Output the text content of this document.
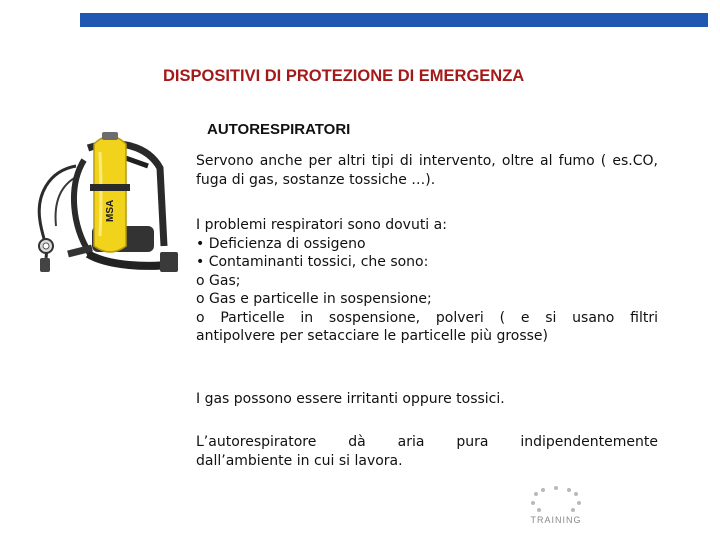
DISPOSITIVI DI PROTEZIONE DI EMERGENZA
AUTORESPIRATORI
MSA
Servono anche per altri tipi di intervento, oltre al fumo ( es.CO, fuga di gas, sostanze tossiche …).
I problemi respiratori sono dovuti a:
• Deficienza di ossigeno
• Contaminanti tossici, che sono:
o Gas;
o Gas e particelle in sospensione;
o Particelle in sospensione, polveri ( e si usano filtri
antipolvere per setacciare le particelle più grosse)
I gas possono essere irritanti oppure tossici.
L’autorespiratore dà aria pura indipendentemente
dall’ambiente in cui si lavora.
TRAINING
